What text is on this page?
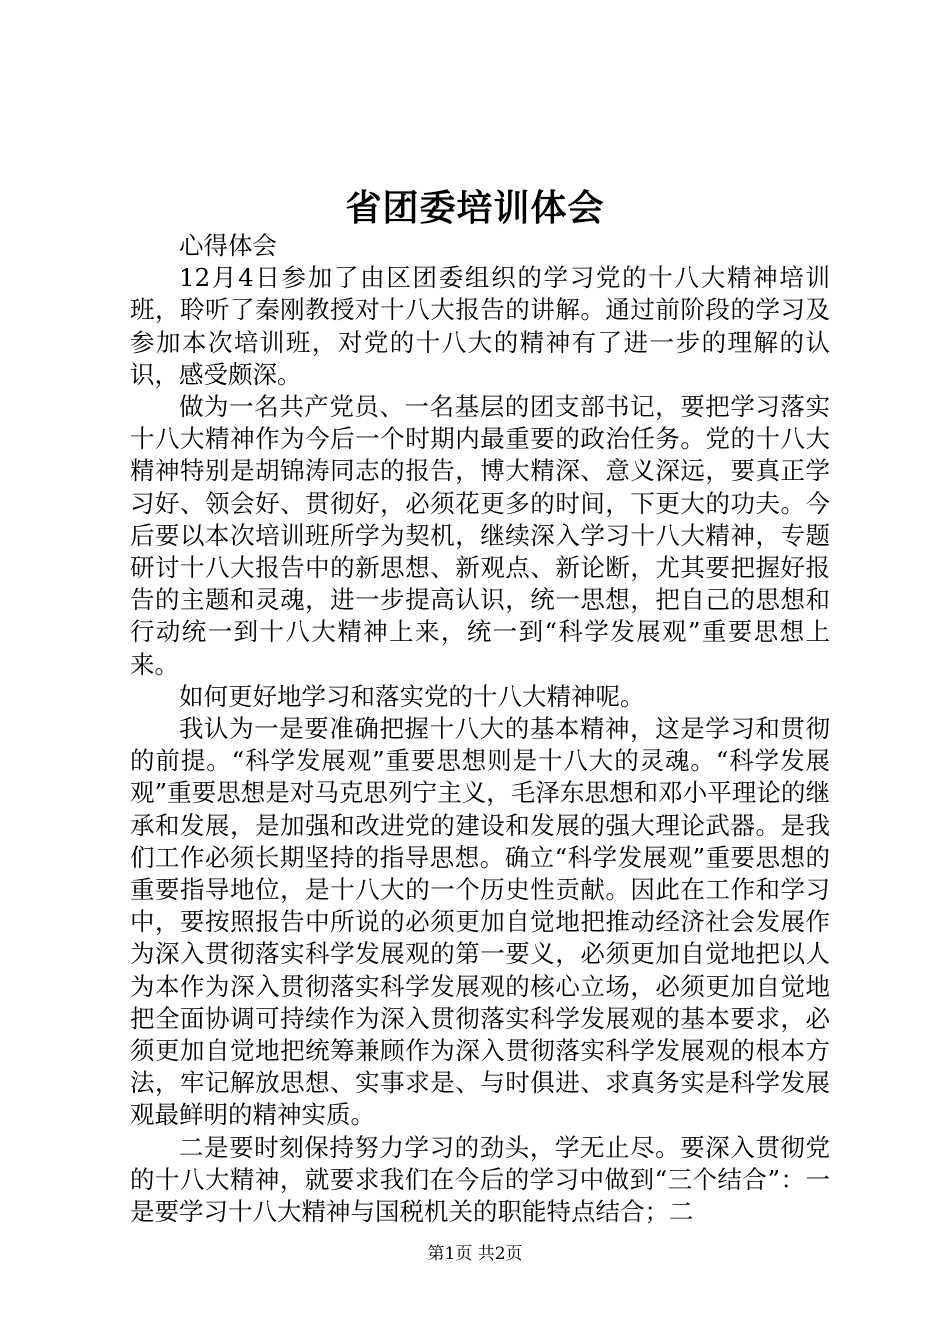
省团委培训体会

心得体会

12月4日参加了由区团委组织的学习党的十八大精神培训班，聆听了秦刚教授对十八大报告的讲解。通过前阶段的学习及参加本次培训班，对党的十八大的精神有了进一步的理解的认识，感受颇深。

做为一名共产党员、一名基层的团支部书记，要把学习落实十八大精神作为今后一个时期内最重要的政治任务。党的十八大精神特别是胡锦涛同志的报告，博大精深、意义深远，要真正学习好、领会好、贯彻好，必须花更多的时间，下更大的功夫。今后要以本次培训班所学为契机，继续深入学习十八大精神，专题研讨十八大报告中的新思想、新观点、新论断，尤其要把握好报告的主题和灵魂，进一步提高认识，统一思想，把自己的思想和行动统一到十八大精神上来，统一到“科学发展观”重要思想上来。

如何更好地学习和落实党的十八大精神呢。

我认为一是要准确把握十八大的基本精神，这是学习和贯彻的前提。“科学发展观”重要思想则是十八大的灵魂。“科学发展观”重要思想是对马克思列宁主义，毛泽东思想和邓小平理论的继承和发展，是加强和改进党的建设和发展的强大理论武器。是我们工作必须长期坚持的指导思想。确立“科学发展观”重要思想的重要指导地位，是十八大的一个历史性贡献。因此在工作和学习中，要按照报告中所说的必须更加自觉地把推动经济社会发展作为深入贯彻落实科学发展观的第一要义，必须更加自觉地把以人为本作为深入贯彻落实科学发展观的核心立场，必须更加自觉地把全面协调可持续作为深入贯彻落实科学发展观的基本要求，必须更加自觉地把统筹兼顾作为深入贯彻落实科学发展观的根本方法，牢记解放思想、实事求是、与时俱进、求真务实是科学发展观最鲜明的精神实质。

二是要时刻保持努力学习的劲头，学无止尽。要深入贯彻党的十八大精神，就要求我们在今后的学习中做到“三个结合”：一是要学习十八大精神与国税机关的职能特点结合；二

第1页 共2页
